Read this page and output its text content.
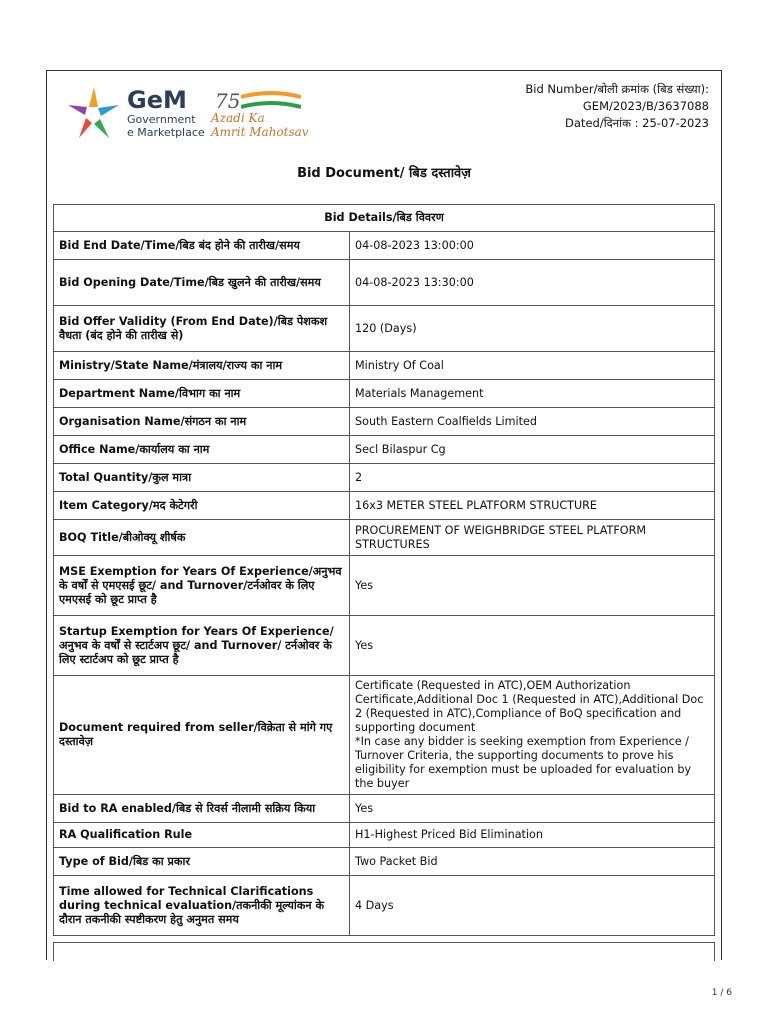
GeM
Government
e Marketplace
75
Azadi Ka
Amrit Mahotsav
Bid Number/बोली क्रमांक (बिड संख्या):
GEM/2023/B/3637088
Dated/दिनांक : 25-07-2023
Bid Document/ बिड दस्तावेज़
Bid Details/बिड विवरण	
Bid End Date/Time/बिड बंद होने की तारीख/समय	04-08-2023 13:00:00
Bid Opening Date/Time/बिड खुलने की तारीख/समय	04-08-2023 13:30:00
Bid Offer Validity (From End Date)/बिड पेशकश वैधता (बंद होने की तारीख से)	120 (Days)
Ministry/State Name/मंत्रालय/राज्य का नाम	Ministry Of Coal
Department Name/विभाग का नाम	Materials Management
Organisation Name/संगठन का नाम	South Eastern Coalfields Limited
Office Name/कार्यालय का नाम	Secl Bilaspur Cg
Total Quantity/कुल मात्रा	2
Item Category/मद केटेगरी	16x3 METER STEEL PLATFORM STRUCTURE
BOQ Title/बीओक्यू शीर्षक	PROCUREMENT OF WEIGHBRIDGE STEEL PLATFORM STRUCTURES
MSE Exemption for Years Of Experience/अनुभव के वर्षों से एमएसई छूट/ and Turnover/टर्नओवर के लिए एमएसई को छूट प्राप्त है	Yes
Startup Exemption for Years Of Experience/अनुभव के वर्षों से स्टार्टअप छूट/ and Turnover/ टर्नओवर के लिए स्टार्टअप को छूट प्राप्त है	Yes
Document required from seller/विक्रेता से मांगे गए दस्तावेज़	Certificate (Requested in ATC),OEM Authorization Certificate,Additional Doc 1 (Requested in ATC),Additional Doc 2 (Requested in ATC),Compliance of BoQ specification and supporting document
*In case any bidder is seeking exemption from Experience / Turnover Criteria, the supporting documents to prove his eligibility for exemption must be uploaded for evaluation by the buyer
Bid to RA enabled/बिड से रिवर्स नीलामी सक्रिय किया	Yes
RA Qualification Rule	H1-Highest Priced Bid Elimination
Type of Bid/बिड का प्रकार	Two Packet Bid
Time allowed for Technical Clarifications during technical evaluation/तकनीकी मूल्यांकन के दौरान तकनीकी स्पष्टीकरण हेतु अनुमत समय	4 Days
1 / 6
